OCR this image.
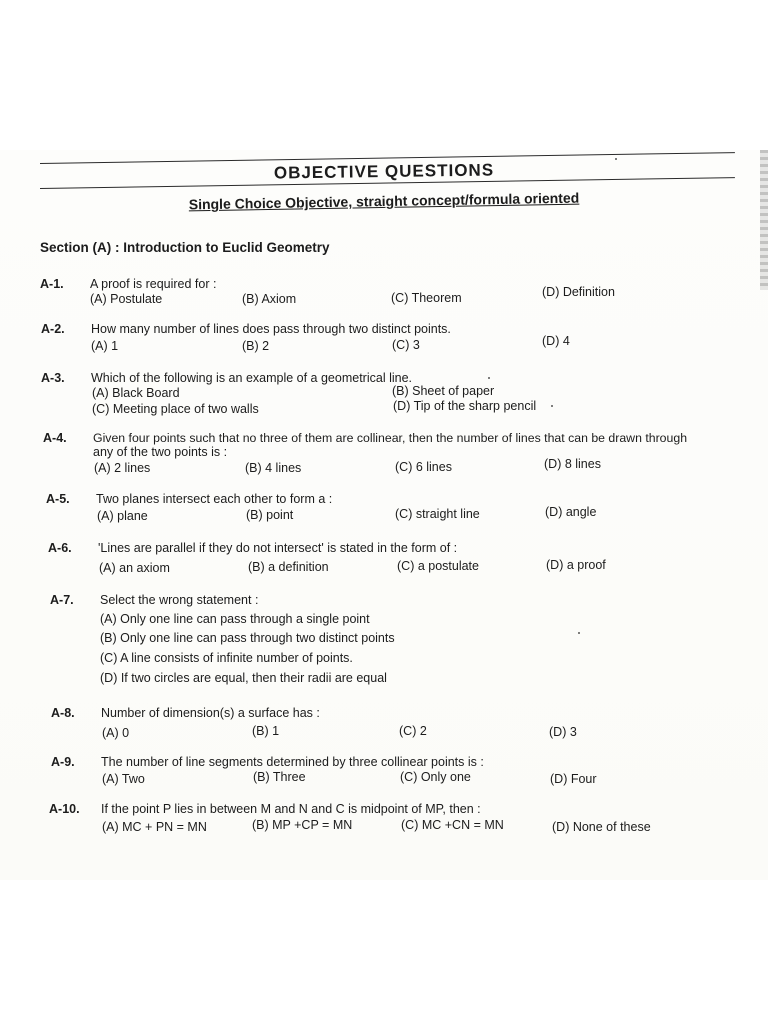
OBJECTIVE QUESTIONS
Single Choice Objective, straight concept/formula oriented
Section (A) : Introduction to Euclid Geometry
A-1. A proof is required for :
(A) Postulate	(B) Axiom	(C) Theorem	(D) Definition
A-2. How many number of lines does pass through two distinct points.
(A) 1	(B) 2	(C) 3	(D) 4
A-3. Which of the following is an example of a geometrical line.
(A) Black Board	(B) Sheet of paper
(C) Meeting place of two walls	(D) Tip of the sharp pencil
A-4. Given four points such that no three of them are collinear, then the number of lines that can be drawn through
any of the two points is :
(A) 2 lines	(B) 4 lines	(C) 6 lines	(D) 8 lines
A-5. Two planes intersect each other to form a :
(A) plane	(B) point	(C) straight line	(D) angle
A-6. 'Lines are parallel if they do not intersect' is stated in the form of :
(A) an axiom	(B) a definition	(C) a postulate	(D) a proof
A-7. Select the wrong statement :
(A) Only one line can pass through a single point
(B) Only one line can pass through two distinct points
(C) A line consists of infinite number of points.
(D) If two circles are equal, then their radii are equal
A-8. Number of dimension(s) a surface has :
(A) 0	(B) 1	(C) 2	(D) 3
A-9. The number of line segments determined by three collinear points is :
(A) Two	(B) Three	(C) Only one	(D) Four
A-10. If the point P lies in between M and N and C is midpoint of MP, then :
(A) MC + PN = MN	(B) MP +CP = MN	(C) MC +CN = MN	(D) None of these
